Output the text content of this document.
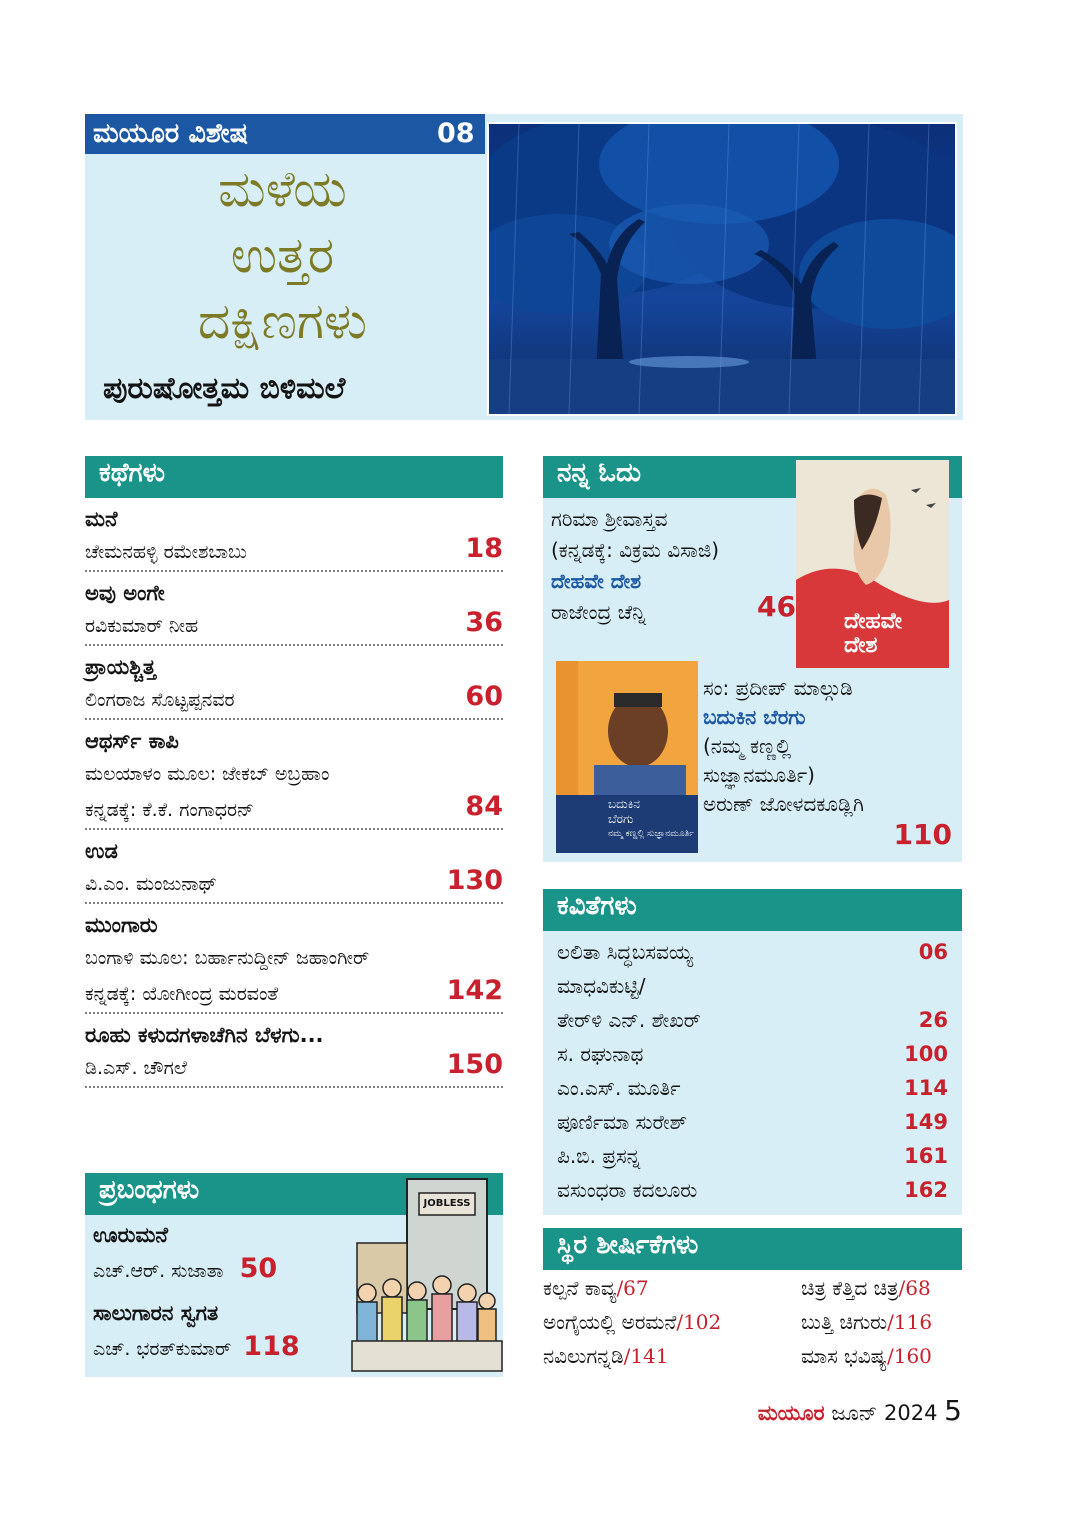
ಮಯೂರ ವಿಶೇಷ	08
ಮಳೆಯ
ಉತ್ತರ
ದಕ್ಷಿಣಗಳು
ಪುರುಷೋತ್ತಮ ಬಿಳಿಮಲೆ
ಕಥೆಗಳು
ಮನೆ
ಚೇಮನಹಳ್ಳಿ ರಮೇಶಬಾಬು	18
ಅವು ಅಂಗೇ
ರವಿಕುಮಾರ್ ನೀಹ	36
ಪ್ರಾಯಶ್ಚಿತ್ತ
ಲಿಂಗರಾಜ ಸೊಟ್ಟಪ್ಪನವರ	60
ಆಥರ್ಸ್ ಕಾಪಿ
ಮಲಯಾಳಂ ಮೂಲ: ಜೇಕಬ್ ಅಬ್ರಹಾಂ
ಕನ್ನಡಕ್ಕೆ: ಕೆ.ಕೆ. ಗಂಗಾಧರನ್	84
ಉಡ
ವಿ.ಎಂ. ಮಂಜುನಾಥ್	130
ಮುಂಗಾರು
ಬಂಗಾಳಿ ಮೂಲ: ಬರ್ಹಾನುದ್ದೀನ್ ಜಹಾಂಗೀರ್
ಕನ್ನಡಕ್ಕೆ: ಯೋಗೀಂದ್ರ ಮರವಂತೆ	142
ರೂಹು ಕಳುದಗಳಾಚೆಗಿನ ಬೆಳಗು...
ಡಿ.ಎಸ್. ಚೌಗಲೆ	150
ನನ್ನ ಓದು
ಗರಿಮಾ ಶ್ರೀವಾಸ್ತವ
(ಕನ್ನಡಕ್ಕೆ: ವಿಕ್ರಮ ವಿಸಾಜಿ)
ದೇಹವೇ ದೇಶ
ರಾಜೇಂದ್ರ ಚೆನ್ನಿ	46 ದೇಹವೇ ದೇಶ
ಬದುಕಿನ
ಬೆರಗು
ನಮ್ಮ ಕಣ್ಣಲ್ಲಿ ಸುಜ್ಞಾನಮೂರ್ತಿ
ಸಂ: ಪ್ರದೀಪ್ ಮಾಲ್ಗುಡಿ
ಬದುಕಿನ ಬೆರಗು
(ನಮ್ಮ ಕಣ್ಣಲ್ಲಿ
ಸುಜ್ಞಾನಮೂರ್ತಿ)
ಅರುಣ್ ಜೋಳದಕೂಡ್ಲಿಗಿ
110
ಕವಿತೆಗಳು
ಲಲಿತಾ ಸಿದ್ಧಬಸವಯ್ಯ	06
ಮಾಧವಿಕುಟ್ಟಿ/
ತೇರ್‌ಳಿ ಎನ್. ಶೇಖರ್	26
ಸ. ರಘುನಾಥ	100
ಎಂ.ಎಸ್. ಮೂರ್ತಿ	114
ಪೂರ್ಣಿಮಾ ಸುರೇಶ್	149
ಪಿ.ಬಿ. ಪ್ರಸನ್ನ	161
ವಸುಂಧರಾ ಕದಲೂರು	162
ಪ್ರಬಂಧಗಳು	JOBLESS
ಊರುಮನೆ
ಎಚ್.ಆರ್. ಸುಜಾತಾ 50
ಸಾಲುಗಾರನ ಸ್ವಗತ
ಎಚ್. ಭರತ್‌ಕುಮಾರ್ 118
ಸ್ಥಿರ ಶೀರ್ಷಿಕೆಗಳು
ಕಲ್ಪನೆ ಕಾವ್ಯ/67	ಚಿತ್ರ ಕೆತ್ತಿದ ಚಿತ್ರ/68
ಅಂಗೈಯಲ್ಲಿ ಅರಮನೆ/102	ಬುತ್ತಿ ಚಿಗುರು/116
ನವಿಲುಗನ್ನಡಿ/141	ಮಾಸ ಭವಿಷ್ಯ/160
ಮಯೂರ ಜೂನ್ 2024 5
